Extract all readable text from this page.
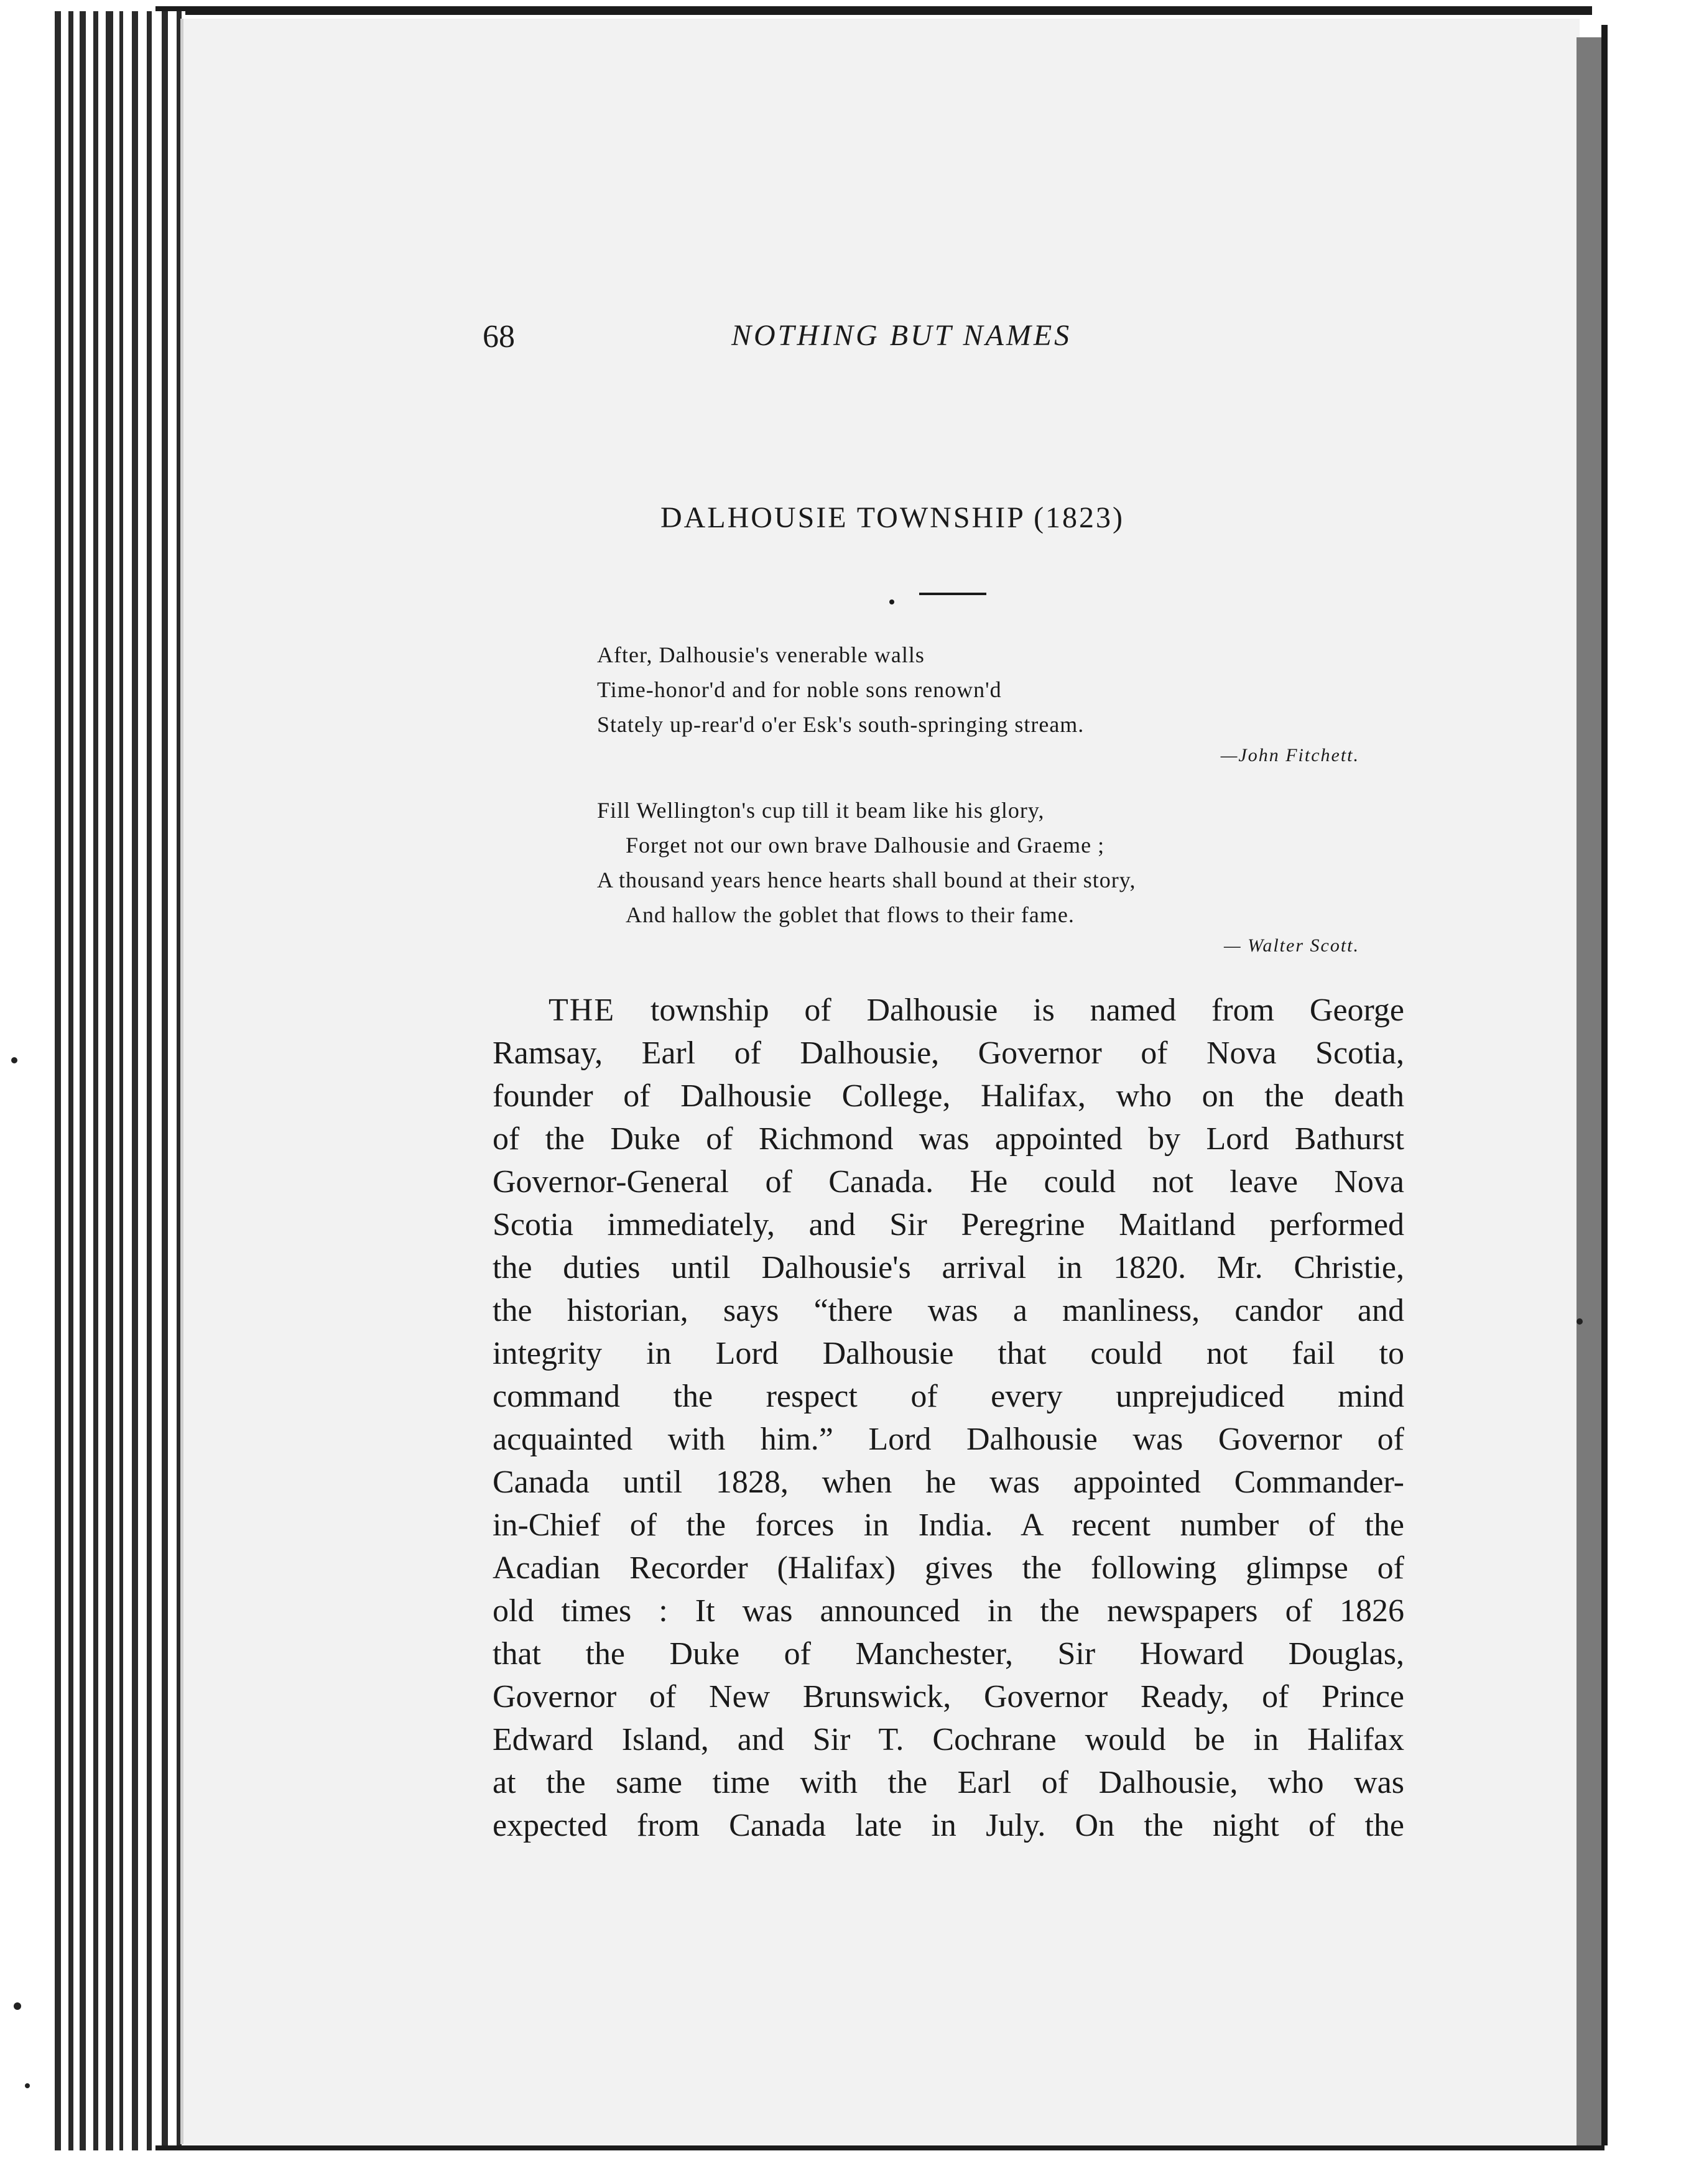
68	NOTHING BUT NAMES
DALHOUSIE TOWNSHIP (1823)
After, Dalhousie's venerable walls
Time-honor'd and for noble sons renown'd
Stately up-rear'd o'er Esk's south-springing stream.
—John Fitchett.
Fill Wellington's cup till it beam like his glory,
Forget not our own brave Dalhousie and Graeme ;
A thousand years hence hearts shall bound at their story,
And hallow the goblet that flows to their fame.
— Walter Scott.
THE township of Dalhousie is named from George
Ramsay, Earl of Dalhousie, Governor of Nova Scotia,
founder of Dalhousie College, Halifax, who on the death
of the Duke of Richmond was appointed by Lord Bathurst
Governor-General of Canada. He could not leave Nova
Scotia immediately, and Sir Peregrine Maitland performed
the duties until Dalhousie's arrival in 1820. Mr. Christie,
the historian, says “there was a manliness, candor and
integrity in Lord Dalhousie that could not fail to
command the respect of every unprejudiced mind
acquainted with him.” Lord Dalhousie was Governor of
Canada until 1828, when he was appointed Commander-
in-Chief of the forces in India. A recent number of the
Acadian Recorder (Halifax) gives the following glimpse of
old times : It was announced in the newspapers of 1826
that the Duke of Manchester, Sir Howard Douglas,
Governor of New Brunswick, Governor Ready, of Prince
Edward Island, and Sir T. Cochrane would be in Halifax
at the same time with the Earl of Dalhousie, who was
expected from Canada late in July. On the night of the
